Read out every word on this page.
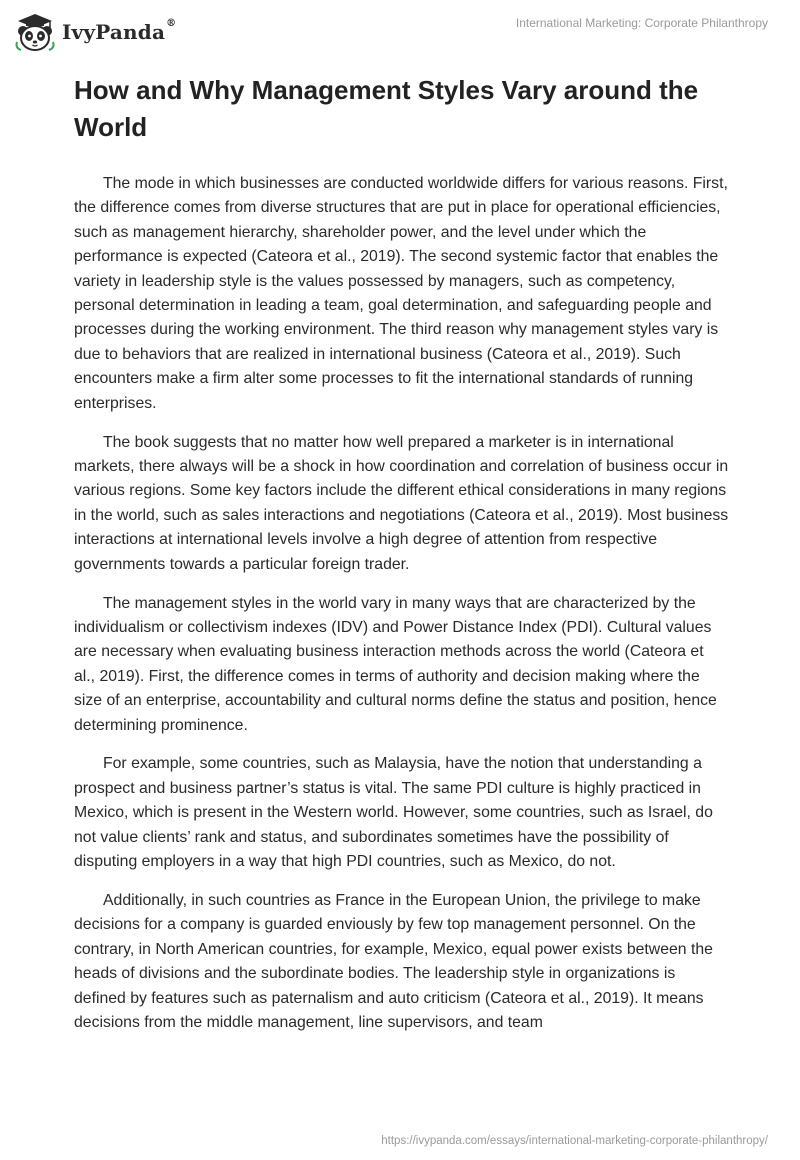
IvyPanda®	International Marketing: Corporate Philanthropy
How and Why Management Styles Vary around the World

The mode in which businesses are conducted worldwide differs for various reasons. First, the difference comes from diverse structures that are put in place for operational efficiencies, such as management hierarchy, shareholder power, and the level under which the performance is expected (Cateora et al., 2019). The second systemic factor that enables the variety in leadership style is the values possessed by managers, such as competency, personal determination in leading a team, goal determination, and safeguarding people and processes during the working environment. The third reason why management styles vary is due to behaviors that are realized in international business (Cateora et al., 2019). Such encounters make a firm alter some processes to fit the international standards of running enterprises.

The book suggests that no matter how well prepared a marketer is in international markets, there always will be a shock in how coordination and correlation of business occur in various regions. Some key factors include the different ethical considerations in many regions in the world, such as sales interactions and negotiations (Cateora et al., 2019). Most business interactions at international levels involve a high degree of attention from respective governments towards a particular foreign trader.

The management styles in the world vary in many ways that are characterized by the individualism or collectivism indexes (IDV) and Power Distance Index (PDI). Cultural values are necessary when evaluating business interaction methods across the world (Cateora et al., 2019). First, the difference comes in terms of authority and decision making where the size of an enterprise, accountability and cultural norms define the status and position, hence determining prominence.

For example, some countries, such as Malaysia, have the notion that understanding a prospect and business partner’s status is vital. The same PDI culture is highly practiced in Mexico, which is present in the Western world. However, some countries, such as Israel, do not value clients’ rank and status, and subordinates sometimes have the possibility of disputing employers in a way that high PDI countries, such as Mexico, do not.

Additionally, in such countries as France in the European Union, the privilege to make decisions for a company is guarded enviously by few top management personnel. On the contrary, in North American countries, for example, Mexico, equal power exists between the heads of divisions and the subordinate bodies. The leadership style in organizations is defined by features such as paternalism and auto criticism (Cateora et al., 2019). It means decisions from the middle management, line supervisors, and team

https://ivypanda.com/essays/international-marketing-corporate-philanthropy/
